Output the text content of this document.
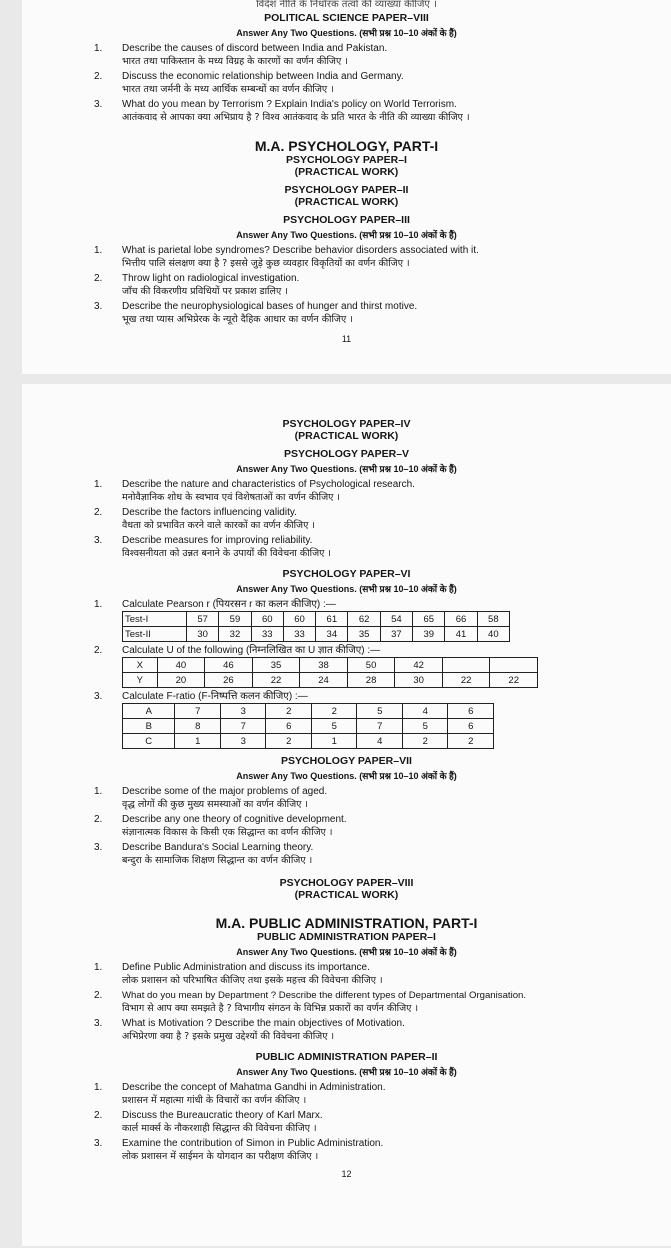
विदेश नीति के निर्धारक तत्वों की व्याख्या कीजिए ।
POLITICAL SCIENCE PAPER–VIII
Answer Any Two Questions. (सभी प्रश्न 10–10 अंकों के हैं)
1. Describe the causes of discord between India and Pakistan.
भारत तथा पाकिस्तान के मध्य विग्रह के कारणों का वर्णन कीजिए ।
2. Discuss the economic relationship between India and Germany.
भारत तथा जर्मनी के मध्य आर्थिक सम्बन्धों का वर्णन कीजिए ।
3. What do you mean by Terrorism ? Explain India's policy on World Terrorism.
आतंकवाद से आपका क्या अभिप्राय है ? विश्व आतंकवाद के प्रति भारत के नीति की व्याख्या कीजिए ।
M.A. PSYCHOLOGY, PART-I
PSYCHOLOGY PAPER–I
(PRACTICAL WORK)
PSYCHOLOGY PAPER–II
(PRACTICAL WORK)
PSYCHOLOGY PAPER–III
Answer Any Two Questions. (सभी प्रश्न 10–10 अंकों के हैं)
1. What is parietal lobe syndromes? Describe behavior disorders associated with it.
भित्तीय पालि संलक्षण क्या है ? इससे जुड़े कुछ व्यवहार विकृतियों का वर्णन कीजिए ।
2. Throw light on radiological investigation.
जाँच की विकरणीय प्रविधियों पर प्रकाश डालिए ।
3. Describe the neurophysiological bases of hunger and thirst motive.
भूख तथा प्यास अभिप्रेरक के न्यूरो दैहिक आधार का वर्णन कीजिए ।
11
PSYCHOLOGY PAPER–IV
(PRACTICAL WORK)
PSYCHOLOGY PAPER–V
Answer Any Two Questions. (सभी प्रश्न 10–10 अंकों के हैं)
1. Describe the nature and characteristics of Psychological research.
मनोवैज्ञानिक शोध के स्वभाव एवं विशेषताओं का वर्णन कीजिए ।
2. Describe the factors influencing validity.
वैधता को प्रभावित करने वाले कारकों का वर्णन कीजिए ।
3. Describe measures for improving reliability.
विश्वसनीयता को उन्नत बनाने के उपायों की विवेचना कीजिए ।
PSYCHOLOGY PAPER–VI
Answer Any Two Questions. (सभी प्रश्न 10–10 अंकों के हैं)
1. Calculate Pearson r (पियरसन r का कलन कीजिए) :—
Test-I	57	59	60	60	61	62	54	65	66	58
Test-II	30	32	33	33	34	35	37	39	41	40
2. Calculate U of the following (निम्नलिखित का U ज्ञात कीजिए) :—
X	40	46	35	38	50	42		
Y	20	26	22	24	28	30	22	22
3. Calculate F-ratio (F-निष्पत्ति कलन कीजिए) :—
A	7	3	2	2	5	4	6
B	8	7	6	5	7	5	6
C	1	3	2	1	4	2	2
PSYCHOLOGY PAPER–VII
Answer Any Two Questions. (सभी प्रश्न 10–10 अंकों के हैं)
1. Describe some of the major problems of aged.
वृद्ध लोगों की कुछ मुख्य समस्याओं का वर्णन कीजिए ।
2. Describe any one theory of cognitive development.
संज्ञानात्मक विकास के किसी एक सिद्धान्त का वर्णन कीजिए ।
3. Describe Bandura's Social Learning theory.
बन्दुरा के सामाजिक शिक्षण सिद्धान्त का वर्णन कीजिए ।
PSYCHOLOGY PAPER–VIII
(PRACTICAL WORK)
M.A. PUBLIC ADMINISTRATION, PART-I
PUBLIC ADMINISTRATION PAPER–I
Answer Any Two Questions. (सभी प्रश्न 10–10 अंकों के हैं)
1. Define Public Administration and discuss its importance.
लोक प्रशासन को परिभाषित कीजिए तथा इसके महत्त्व की विवेचना कीजिए ।
2. What do you mean by Department ? Describe the different types of Departmental Organisation.
विभाग से आप क्या समझते है ? विभागीय संगठन के विभिन्न प्रकारों का वर्णन कीजिए ।
3. What is Motivation ? Describe the main objectives of Motivation.
अभिप्रेरणा क्या है ? इसके प्रमुख उद्देश्यों की विवेचना कीजिए ।
PUBLIC ADMINISTRATION PAPER–II
Answer Any Two Questions. (सभी प्रश्न 10–10 अंकों के हैं)
1. Describe the concept of Mahatma Gandhi in Administration.
प्रशासन में महात्मा गांधी के विचारों का वर्णन कीजिए ।
2. Discuss the Bureaucratic theory of Karl Marx.
कार्ल मार्क्स के नौकरशाही सिद्धान्त की विवेचना कीजिए ।
3. Examine the contribution of Simon in Public Administration.
लोक प्रशासन में साईमन के योगदान का परीक्षण कीजिए ।
12
